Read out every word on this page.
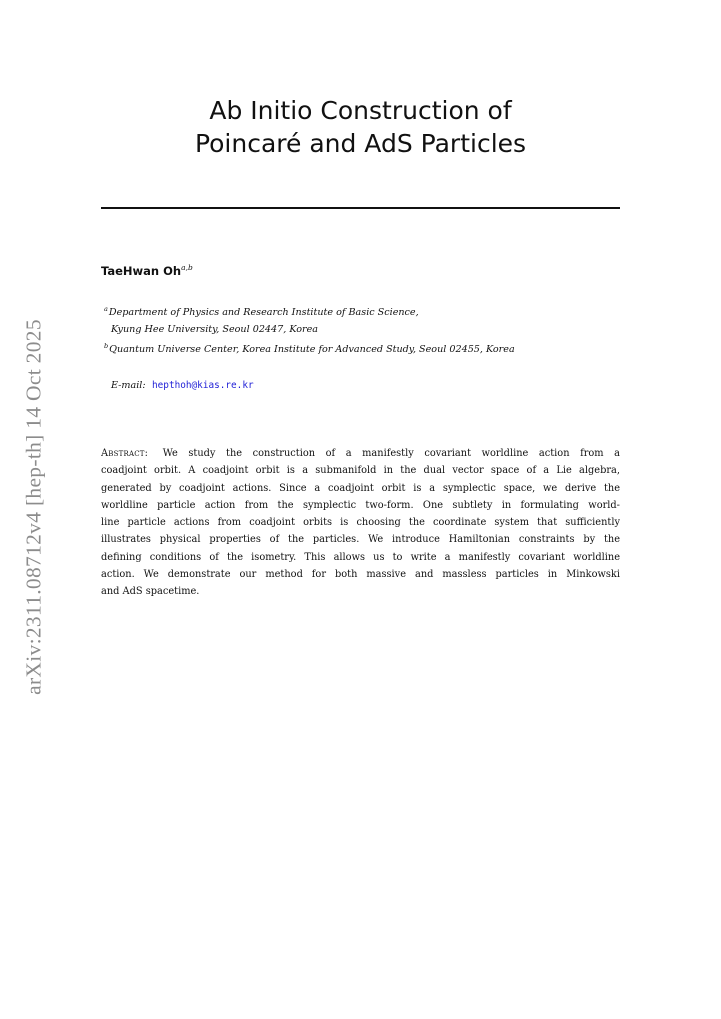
arXiv:2311.08712v4 [hep-th] 14 Oct 2025
Ab Initio Construction of
Poincaré and AdS Particles
TaeHwan Oh$^{a,b}$
$^a$Department of Physics and Research Institute of Basic Science,
Kyung Hee University, Seoul 02447, Korea
$^b$Quantum Universe Center, Korea Institute for Advanced Study, Seoul 02455, Korea
E-mail: hepthoh@kias.re.kr
Abstract: We study the construction of a manifestly covariant worldline action from a
coadjoint orbit. A coadjoint orbit is a submanifold in the dual vector space of a Lie algebra,
generated by coadjoint actions. Since a coadjoint orbit is a symplectic space, we derive the
worldline particle action from the symplectic two-form. One subtlety in formulating world-
line particle actions from coadjoint orbits is choosing the coordinate system that sufficiently
illustrates physical properties of the particles. We introduce Hamiltonian constraints by the
defining conditions of the isometry. This allows us to write a manifestly covariant worldline
action. We demonstrate our method for both massive and massless particles in Minkowski
and AdS spacetime.
